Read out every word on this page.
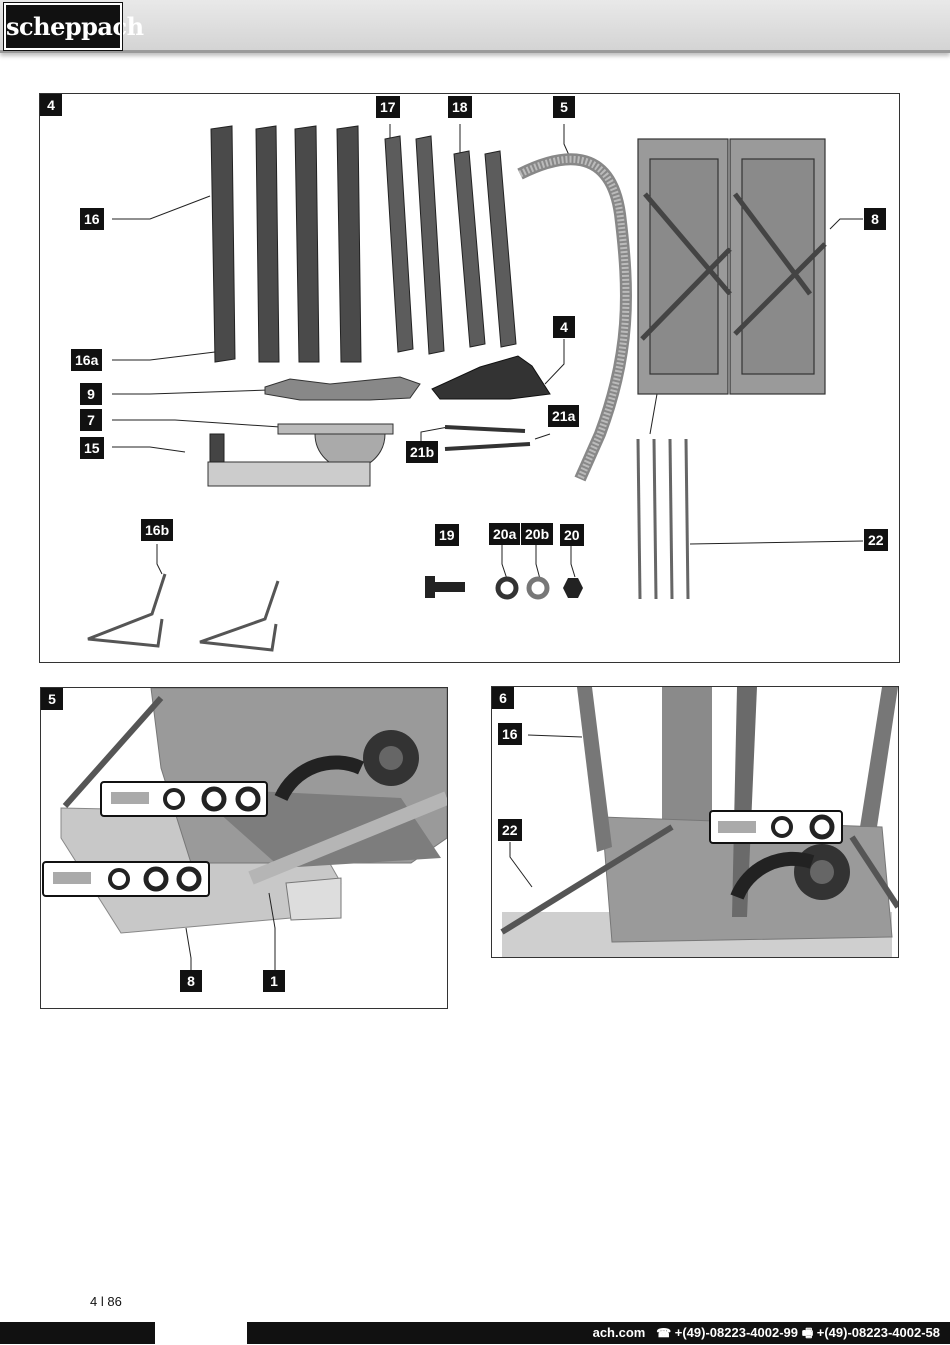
scheppach
4
16
16a
9
7
15
17	18	5
8
4
21a
21b
16b	19	20a 20b 20	22
5
8	1
6
16
22
4 l 86
ach.com ☎ +(49)-08223-4002-99 🖷 +(49)-08223-4002-58
